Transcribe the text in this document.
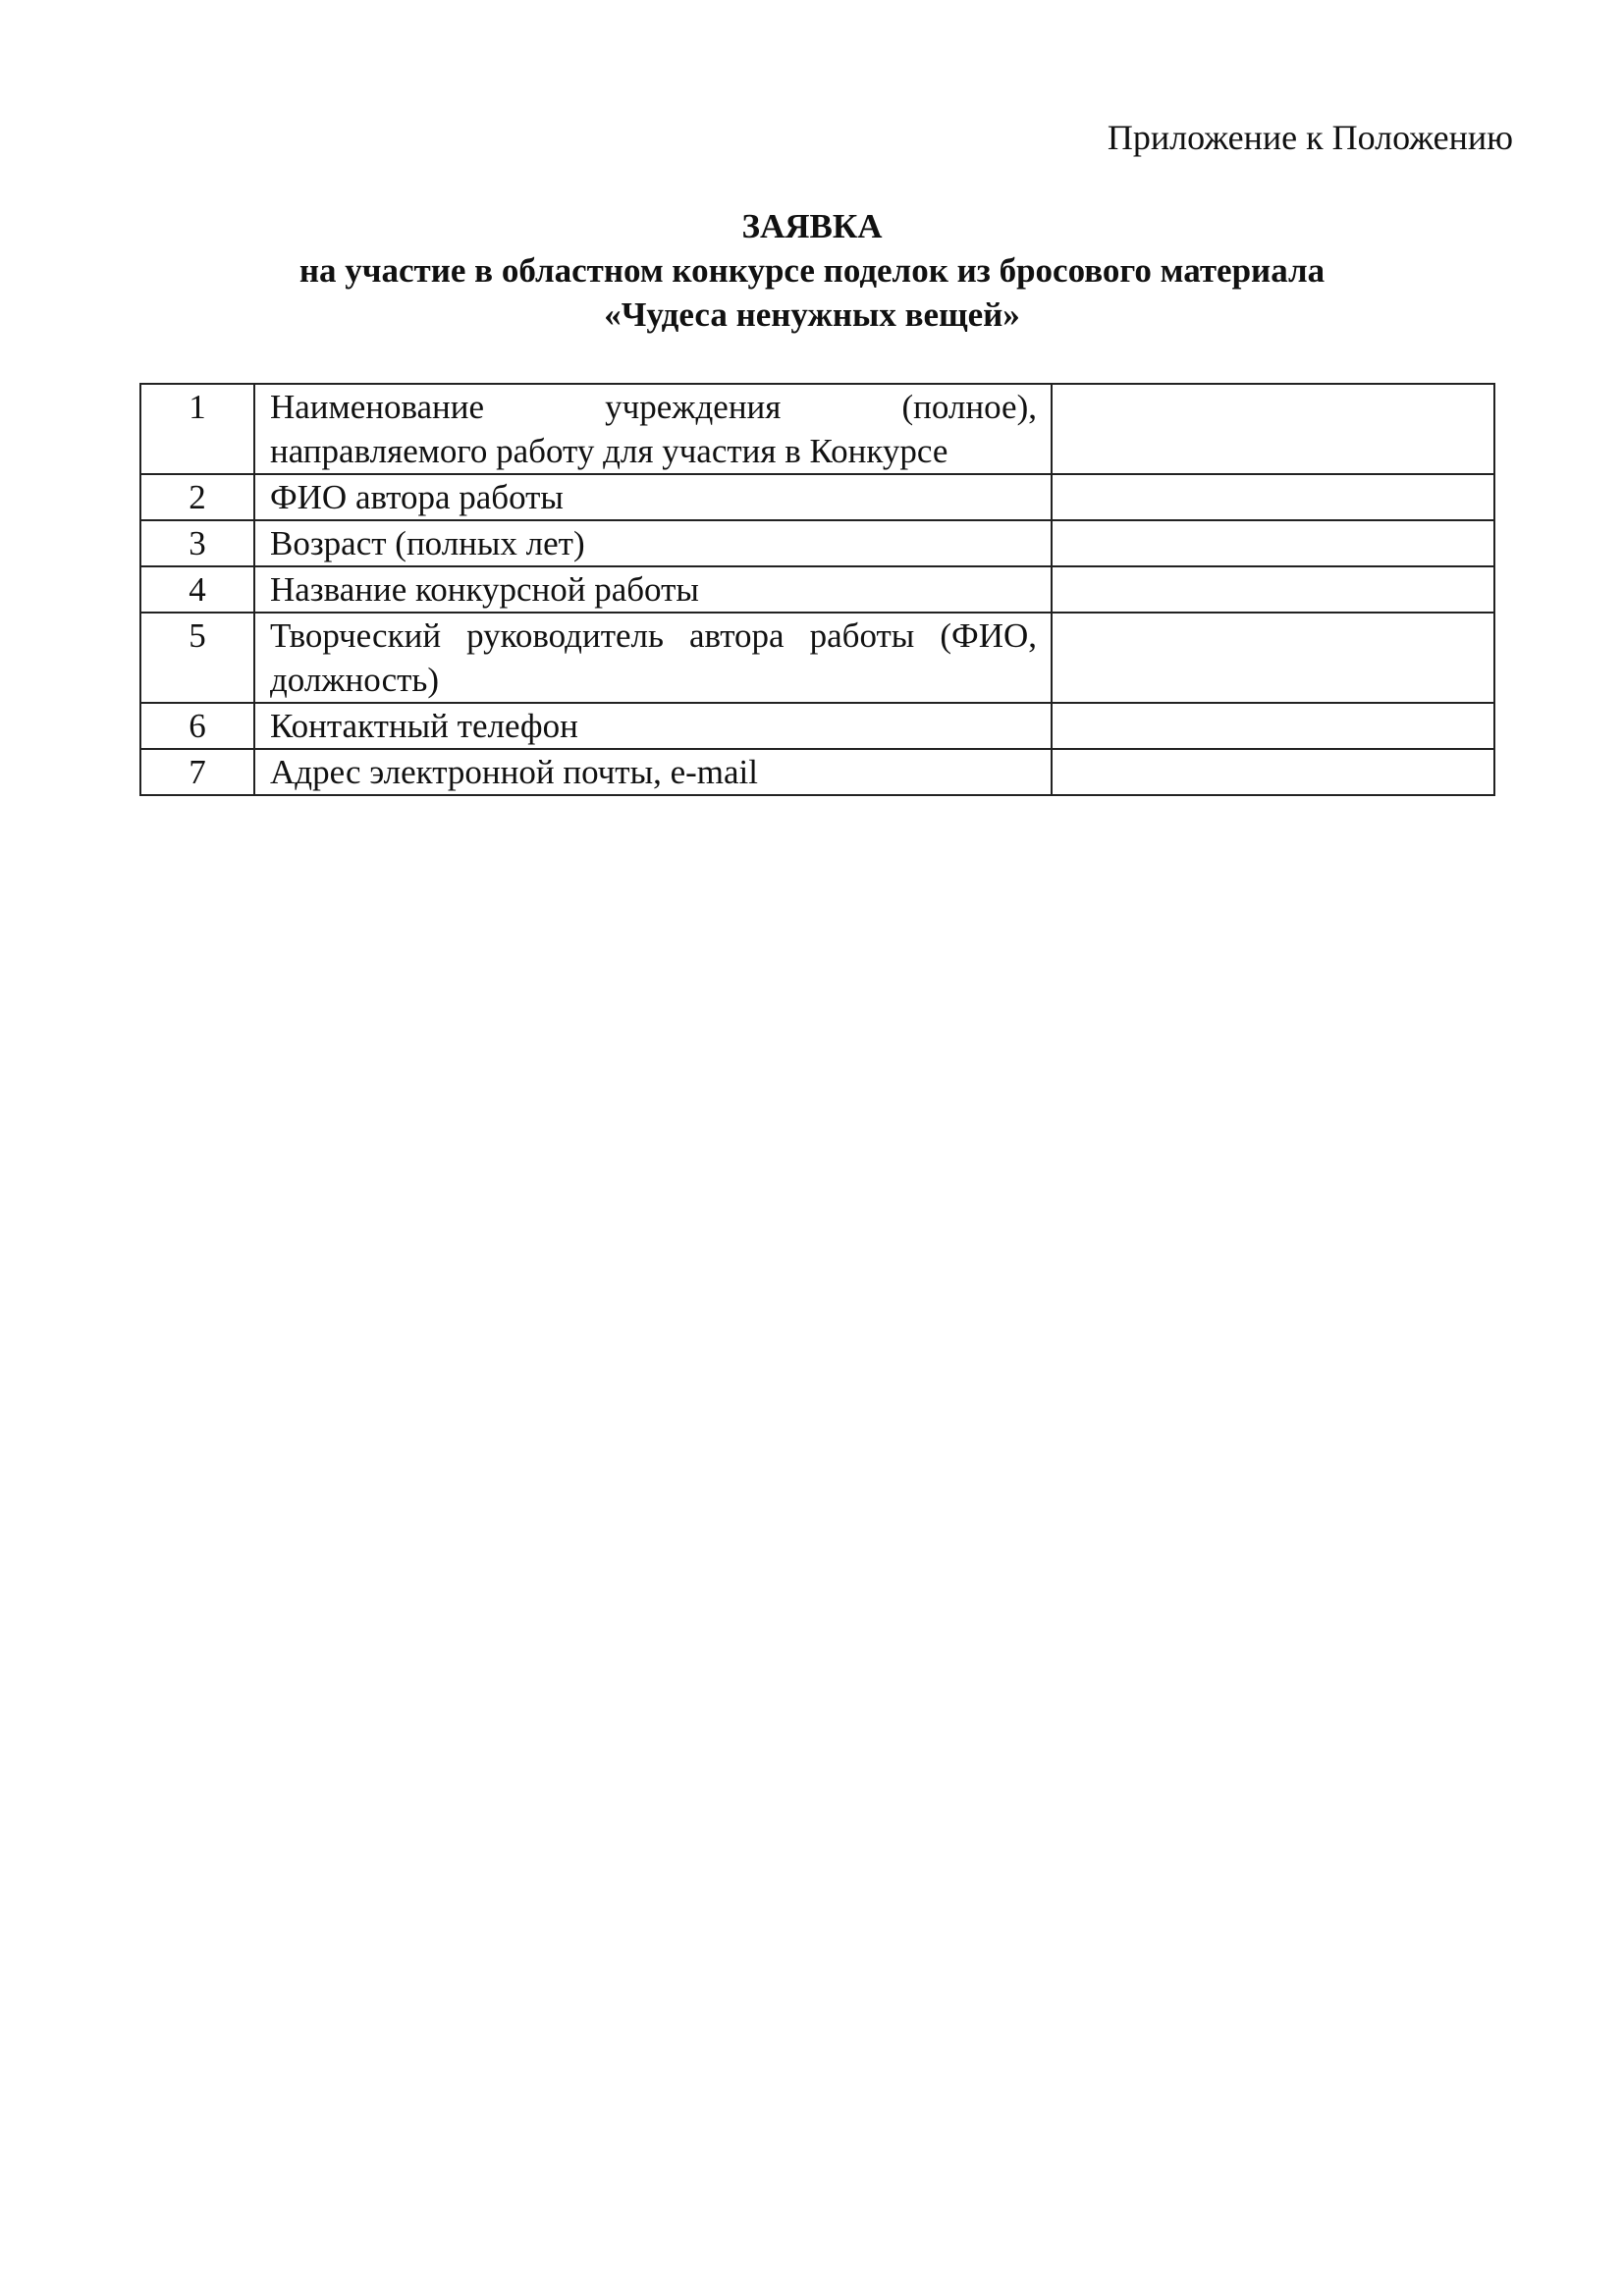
Приложение к Положению
ЗАЯВКА
на участие в областном конкурсе поделок из бросового материала
«Чудеса ненужных вещей»
1	Наименование учреждения (полное), направляемого работу для участия в Конкурсе	
2	ФИО автора работы	
3	Возраст (полных лет)	
4	Название конкурсной работы	
5	Творческий руководитель автора работы (ФИО, должность)	
6	Контактный телефон	
7	Адрес электронной почты, e-mail	
